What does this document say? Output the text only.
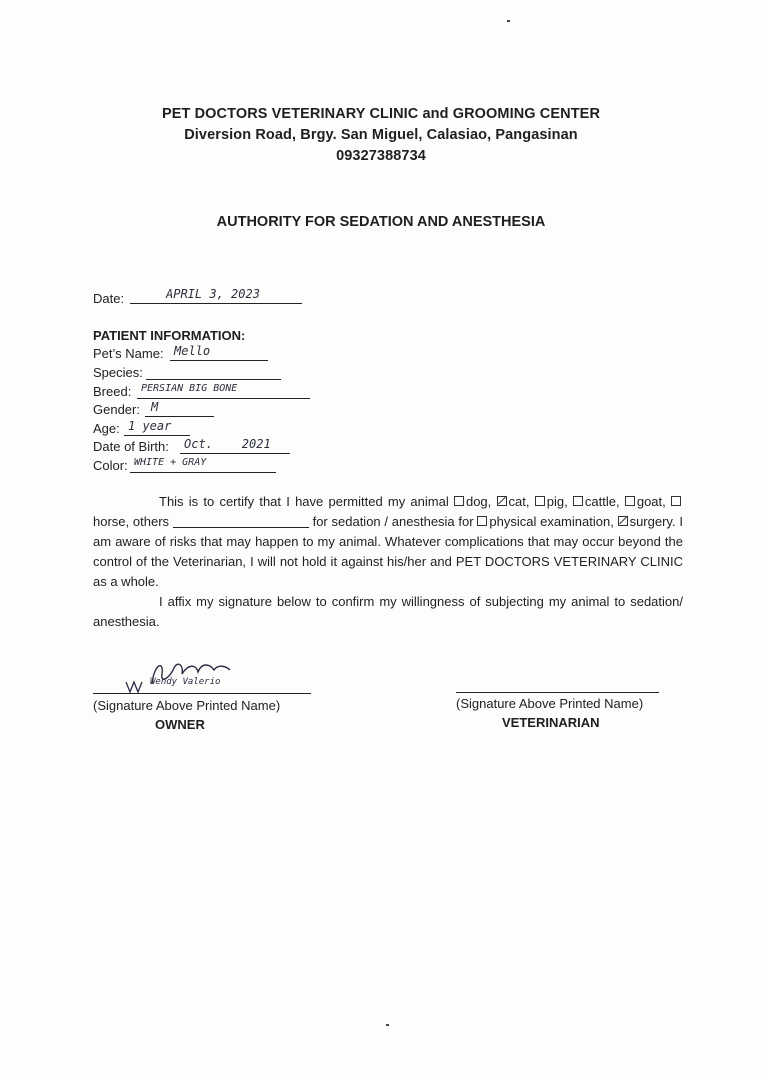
PET DOCTORS VETERINARY CLINIC and GROOMING CENTER
Diversion Road, Brgy. San Miguel, Calasiao, Pangasinan
09327388734
AUTHORITY FOR SEDATION AND ANESTHESIA
Date:	APRIL 3, 2023
PATIENT INFORMATION:
Pet’s Name: Mello
Species:
Breed: PERSIAN BIG BONE
Gender: M
Age: 1 year
Date of Birth:	Oct.    2021
Color: WHITE + GRAY
This is to certify that I have permitted my animal dog, cat, pig, cattle, goat, horse, others	for sedation / anesthesia for physical examination, surgery. I am aware of risks that may happen to my animal. Whatever complications that may occur beyond the control of the Veterinarian, I will not hold it against his/her and PET DOCTORS VETERINARY CLINIC as a whole.
I affix my signature below to confirm my willingness of subjecting my animal to sedation/ anesthesia.
Wendy Valerio
(Signature Above Printed Name)
OWNER
(Signature Above Printed Name)
VETERINARIAN
